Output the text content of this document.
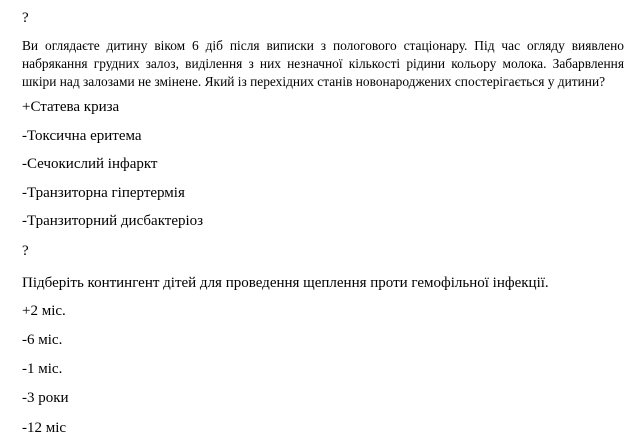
?
Ви оглядаєте дитину віком 6 діб після виписки з пологового стаціонару. Під час огляду виявлено
набрякання грудних залоз, виділення з них незначної кількості рідини кольору молока. Забарвлення
шкіри над залозами не змінене. Який із перехідних станів новонароджених спостерігається у дитини?
+Статева криза
-Токсична еритема
-Сечокислий інфаркт
-Транзиторна гіпертермія
-Транзиторний дисбактеріоз
?
Підберіть контингент дітей для проведення щеплення проти гемофільної інфекції.
+2 міс.
-6 міс.
-1 міс.
-3 роки
-12 міс
